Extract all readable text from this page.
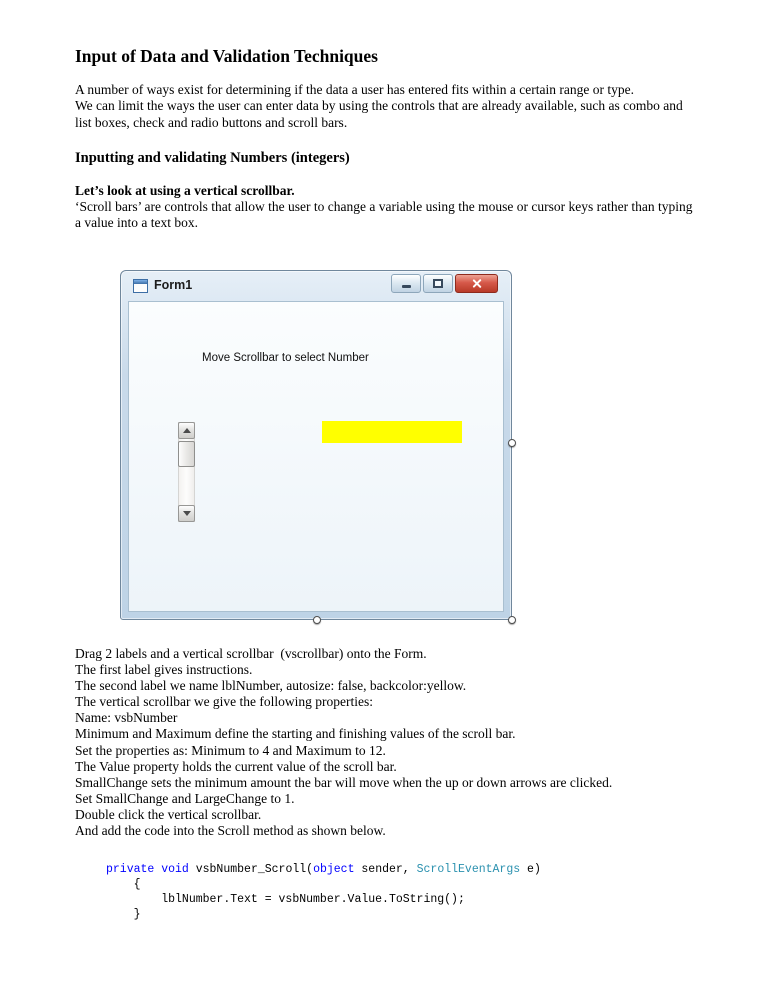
Input of Data and Validation Techniques

A number of ways exist for determining if the data a user has entered fits within a certain range or type.

We can limit the ways the user can enter data by using the controls that are already available, such as combo and list boxes, check and radio buttons and scroll bars.

Inputting and validating Numbers (integers)

Let’s look at using a vertical scrollbar.

‘Scroll bars’ are controls that allow the user to change a variable using the mouse or cursor keys rather than typing a value into a text box.

Form1
Move Scrollbar to select Number
Drag 2 labels and a vertical scrollbar  (vscrollbar) onto the Form.
The first label gives instructions.
The second label we name lblNumber, autosize: false, backcolor:yellow.
The vertical scrollbar we give the following properties:
Name: vsbNumber
Minimum and Maximum define the starting and finishing values of the scroll bar.
Set the properties as: Minimum to 4 and Maximum to 12.
The Value property holds the current value of the scroll bar.
SmallChange sets the minimum amount the bar will move when the up or down arrows are clicked.
Set SmallChange and LargeChange to 1.
Double click the vertical scrollbar.
And add the code into the Scroll method as shown below.
private void vsbNumber_Scroll(object sender, ScrollEventArgs e)
{
lblNumber.Text = vsbNumber.Value.ToString();
}
